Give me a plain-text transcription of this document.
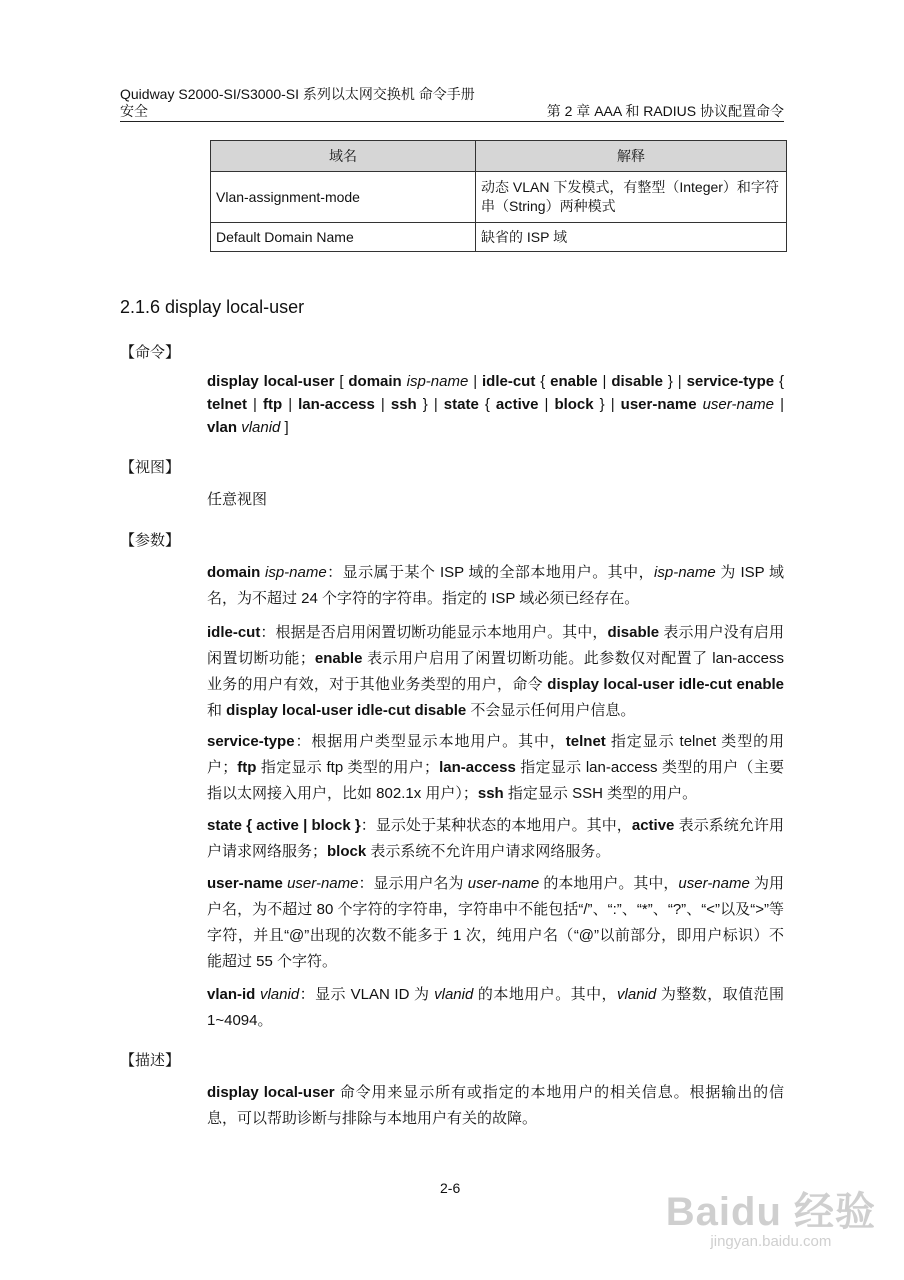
Quidway S2000-SI/S3000-SI 系列以太网交换机 命令手册
安全	第 2 章 AAA 和 RADIUS 协议配置命令
域名	解释
Vlan-assignment-mode	动态 VLAN 下发模式，有整型（Integer）和字符串（String）两种模式
Default Domain Name	缺省的 ISP 域
2.1.6 display local-user
【命令】
display local-user [ domain isp-name | idle-cut { enable | disable } | service-type { telnet | ftp | lan-access | ssh } | state { active | block } | user-name user-name | vlan vlanid ]
【视图】
任意视图
【参数】
domain isp-name：显示属于某个 ISP 域的全部本地用户。其中，isp-name 为 ISP 域名，为不超过 24 个字符的字符串。指定的 ISP 域必须已经存在。
idle-cut：根据是否启用闲置切断功能显示本地用户。其中，disable 表示用户没有启用闲置切断功能；enable 表示用户启用了闲置切断功能。此参数仅对配置了 lan-access 业务的用户有效，对于其他业务类型的用户，命令 display local-user idle-cut enable 和 display local-user idle-cut disable 不会显示任何用户信息。
service-type：根据用户类型显示本地用户。其中，telnet 指定显示 telnet 类型的用户；ftp 指定显示 ftp 类型的用户；lan-access 指定显示 lan-access 类型的用户（主要指以太网接入用户，比如 802.1x 用户）；ssh 指定显示 SSH 类型的用户。
state { active | block }：显示处于某种状态的本地用户。其中，active 表示系统允许用户请求网络服务；block 表示系统不允许用户请求网络服务。
user-name user-name：显示用户名为 user-name 的本地用户。其中，user-name 为用户名，为不超过 80 个字符的字符串，字符串中不能包括“/”、“:”、“*”、“?”、“<”以及“>”等字符，并且“@”出现的次数不能多于 1 次，纯用户名（“@”以前部分，即用户标识）不能超过 55 个字符。
vlan-id vlanid：显示 VLAN ID 为 vlanid 的本地用户。其中，vlanid 为整数，取值范围 1~4094。
【描述】
display local-user 命令用来显示所有或指定的本地用户的相关信息。根据输出的信息，可以帮助诊断与排除与本地用户有关的故障。
2-6
Baidu 经验
jingyan.baidu.com
